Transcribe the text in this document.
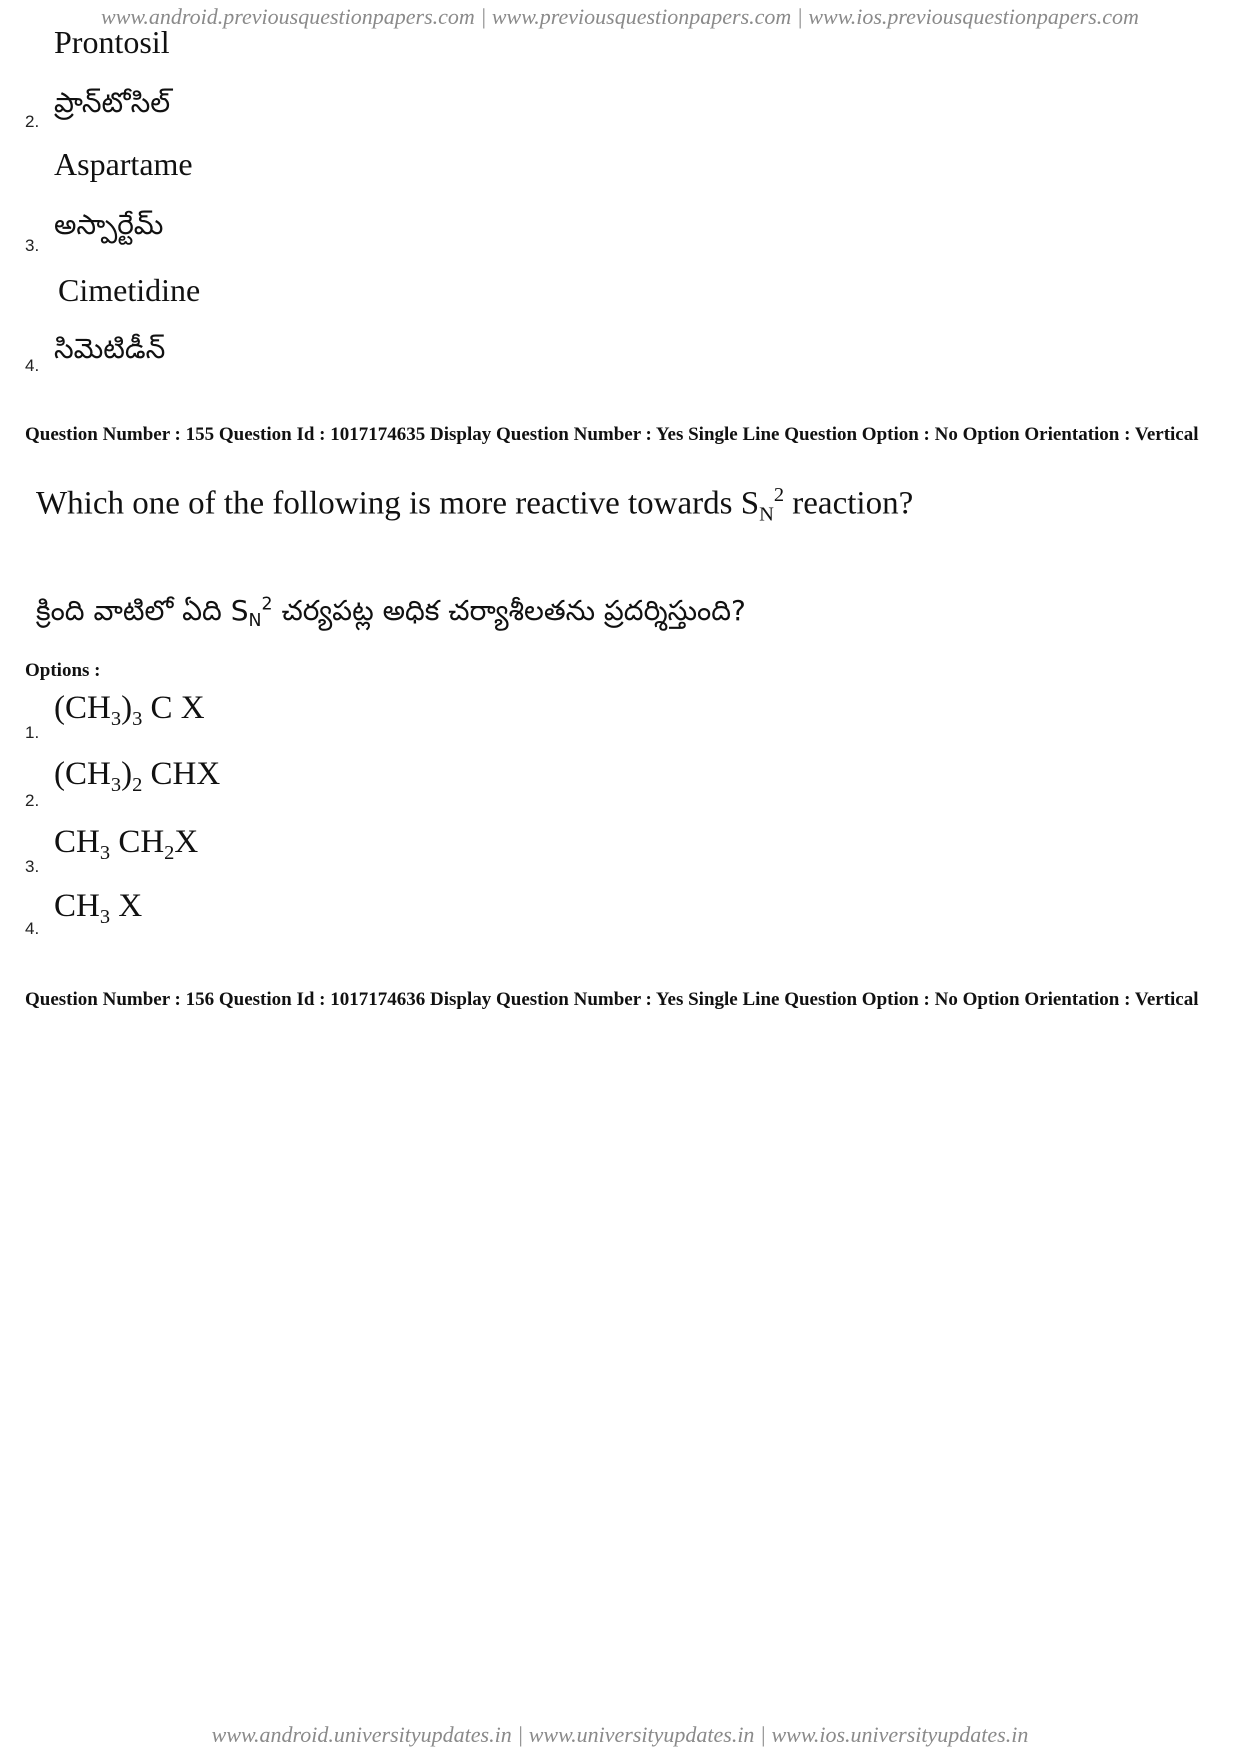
www.android.previousquestionpapers.com | www.previousquestionpapers.com | www.ios.previousquestionpapers.com
Prontosil
2.
ప్రాన్‌టోసిల్
Aspartame
3.
అస్పార్టేమ్
Cimetidine
4.
సిమెటిడీన్
Question Number : 155 Question Id : 1017174635 Display Question Number : Yes Single Line Question Option : No Option Orientation : Vertical
Which one of the following is more reactive towards $S_N^2$ reaction?
క్రింది వాటిలో ఏది $S_N^2$ చర్యపట్ల అధిక చర్యాశీలతను ప్రదర్శిస్తుంది?
Options :
1.
$(CH_3)_3$ C X
2.
$(CH_3)_2$ CHX
3.
$CH_3$ $CH_2X$
4.
$CH_3$ X
Question Number : 156 Question Id : 1017174636 Display Question Number : Yes Single Line Question Option : No Option Orientation : Vertical
www.android.universityupdates.in | www.universityupdates.in | www.ios.universityupdates.in
